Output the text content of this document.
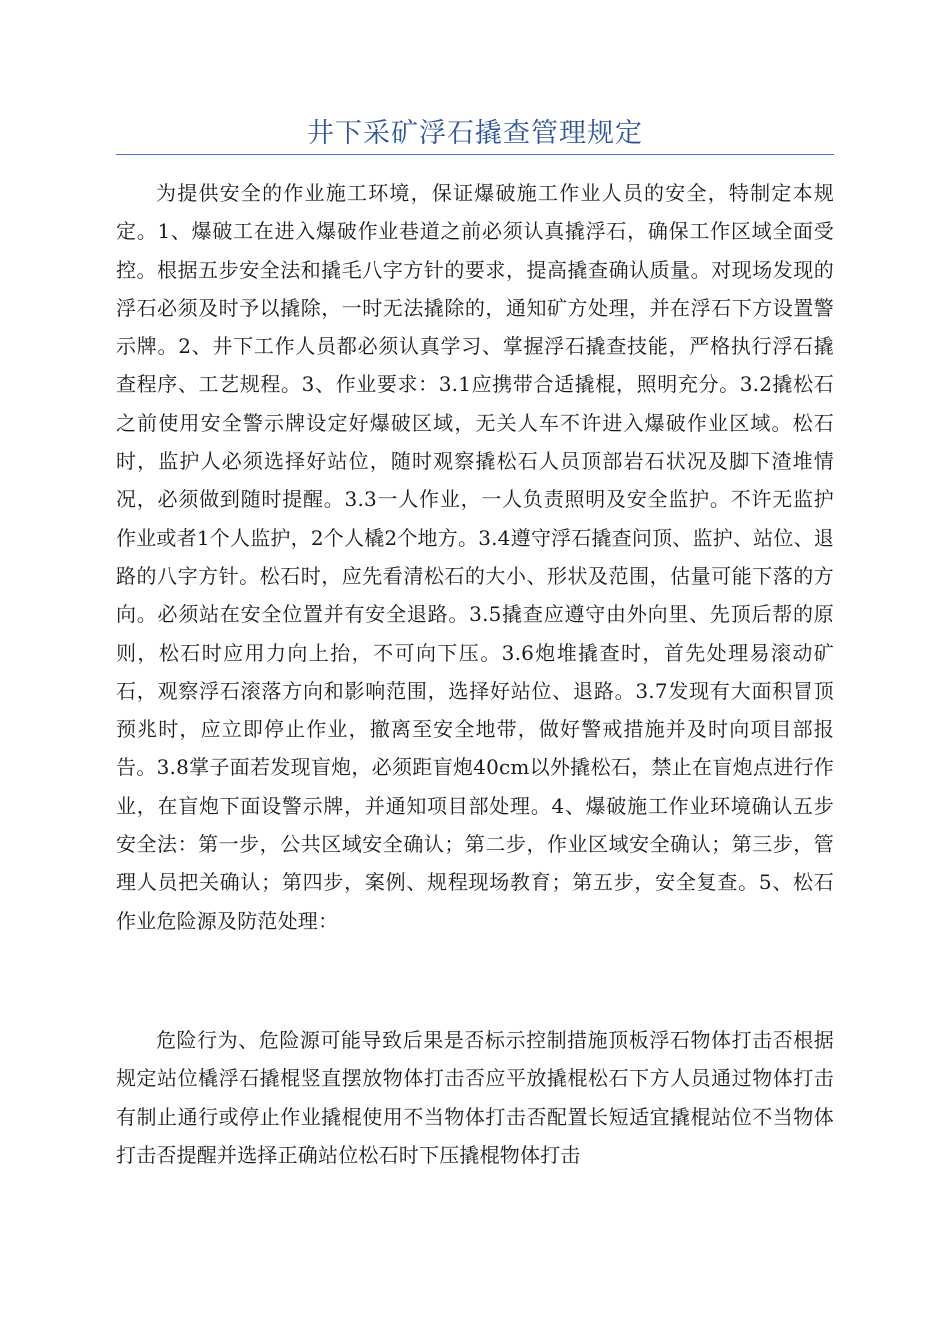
井下采矿浮石撬查管理规定

为提供安全的作业施工环境，保证爆破施工作业人员的安全，特制定本规定。1、爆破工在进入爆破作业巷道之前必须认真撬浮石，确保工作区域全面受控。根据五步安全法和撬毛八字方针的要求，提高撬查确认质量。对现场发现的浮石必须及时予以撬除，一时无法撬除的，通知矿方处理，并在浮石下方设置警示牌。2、井下工作人员都必须认真学习、掌握浮石撬查技能，严格执行浮石撬查程序、工艺规程。3、作业要求：3.1应携带合适撬棍，照明充分。3.2撬松石之前使用安全警示牌设定好爆破区域，无关人车不许进入爆破作业区域。松石时，监护人必须选择好站位，随时观察撬松石人员顶部岩石状况及脚下渣堆情况，必须做到随时提醒。3.3一人作业，一人负责照明及安全监护。不许无监护作业或者1个人监护，2个人橇2个地方。3.4遵守浮石撬查问顶、监护、站位、退路的八字方针。松石时，应先看清松石的大小、形状及范围，估量可能下落的方向。必须站在安全位置并有安全退路。3.5撬查应遵守由外向里、先顶后帮的原则，松石时应用力向上抬，不可向下压。3.6炮堆撬查时，首先处理易滚动矿石，观察浮石滚落方向和影响范围，选择好站位、退路。3.7发现有大面积冒顶预兆时，应立即停止作业，撤离至安全地带，做好警戒措施并及时向项目部报告。3.8掌子面若发现盲炮，必须距盲炮40cm以外撬松石，禁止在盲炮点进行作业，在盲炮下面设警示牌，并通知项目部处理。4、爆破施工作业环境确认五步安全法：第一步，公共区域安全确认；第二步，作业区域安全确认；第三步，管理人员把关确认；第四步，案例、规程现场教育；第五步，安全复查。5、松石作业危险源及防范处理：

危险行为、危险源可能导致后果是否标示控制措施顶板浮石物体打击否根据规定站位橇浮石撬棍竖直摆放物体打击否应平放撬棍松石下方人员通过物体打击有制止通行或停止作业撬棍使用不当物体打击否配置长短适宜撬棍站位不当物体打击否提醒并选择正确站位松石时下压撬棍物体打击
